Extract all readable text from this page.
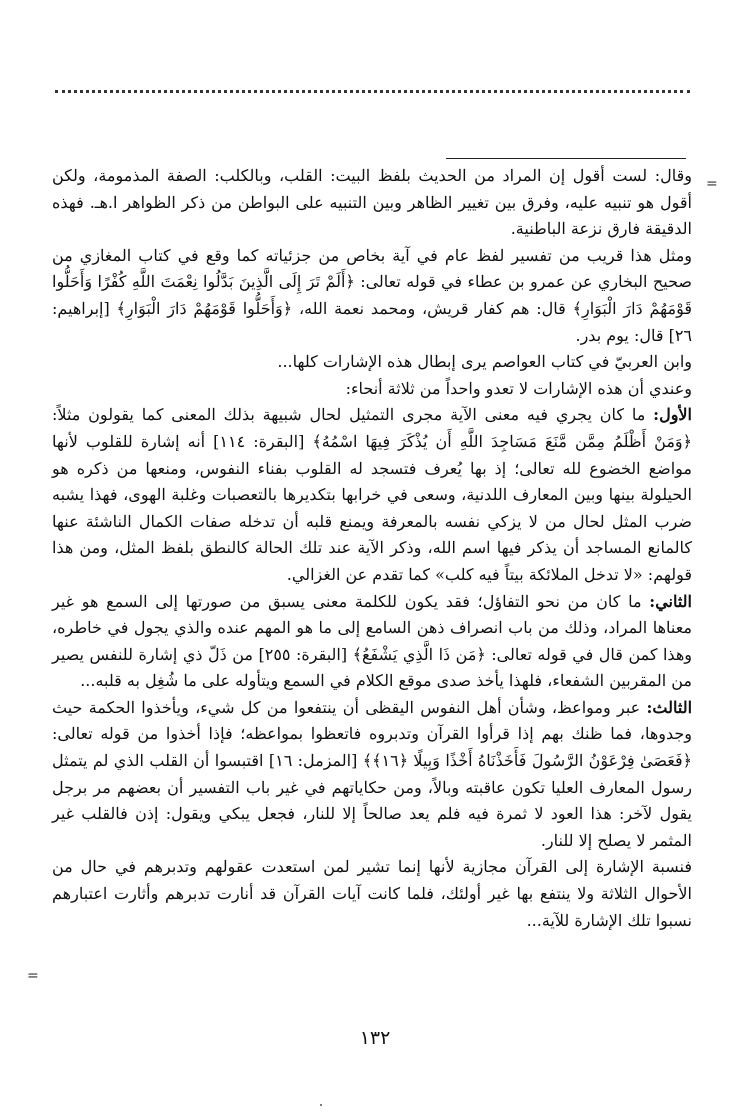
=
=

وقال: لست أقول إن المراد من الحديث بلفظ البيت: القلب، وبالكلب: الصفة المذمومة، ولكن أقول هو تنبيه عليه، وفرق بين تغيير الظاهر وبين التنبيه على البواطن من ذكر الظواهر ا.هـ. فهذه الدقيقة فارق نزعة الباطنية.

ومثل هذا قريب من تفسير لفظ عام في آية بخاص من جزئياته كما وقع في كتاب المغازي من صحيح البخاري عن عمرو بن عطاء في قوله تعالى: ﴿أَلَمْ تَرَ إِلَى الَّذِينَ بَدَّلُوا نِعْمَتَ اللَّهِ كُفْرًا وَأَحَلُّوا قَوْمَهُمْ دَارَ الْبَوَارِ﴾ قال: هم كفار قريش، ومحمد نعمة الله، ﴿وَأَحَلُّوا قَوْمَهُمْ دَارَ الْبَوَارِ﴾ [إبراهيم: ٢٦] قال: يوم بدر.

وابن العربيّ في كتاب العواصم يرى إبطال هذه الإشارات كلها...

وعندي أن هذه الإشارات لا تعدو واحداً من ثلاثة أنحاء:

الأول: ما كان يجري فيه معنى الآية مجرى التمثيل لحال شبيهة بذلك المعنى كما يقولون مثلاً: ﴿وَمَنْ أَظْلَمُ مِمَّن مَّنَعَ مَسَاجِدَ اللَّهِ أَن يُذْكَرَ فِيهَا اسْمُهُ﴾ [البقرة: ١١٤] أنه إشارة للقلوب لأنها مواضع الخضوع لله تعالى؛ إذ بها يُعرف فتسجد له القلوب بفناء النفوس، ومنعها من ذكره هو الحيلولة بينها وبين المعارف اللدنية، وسعى في خرابها بتكديرها بالتعصبات وغلبة الهوى، فهذا يشبه ضرب المثل لحال من لا يزكي نفسه بالمعرفة ويمنع قلبه أن تدخله صفات الكمال الناشئة عنها كالمانع المساجد أن يذكر فيها اسم الله، وذكر الآية عند تلك الحالة كالنطق بلفظ المثل، ومن هذا قولهم: «لا تدخل الملائكة بيتاً فيه كلب» كما تقدم عن الغزالي.

الثاني: ما كان من نحو التفاؤل؛ فقد يكون للكلمة معنى يسبق من صورتها إلى السمع هو غير معناها المراد، وذلك من باب انصراف ذهن السامع إلى ما هو المهم عنده والذي يجول في خاطره، وهذا كمن قال في قوله تعالى: ﴿مَن ذَا الَّذِي يَشْفَعُ﴾ [البقرة: ٢٥٥] من ذَلّ ذي إشارة للنفس يصير من المقربين الشفعاء، فلهذا يأخذ صدى موقع الكلام في السمع ويتأوله على ما شُغِل به قلبه...

الثالث: عبر ومواعظ، وشأن أهل النفوس اليقظى أن ينتفعوا من كل شيء، ويأخذوا الحكمة حيث وجدوها، فما ظنك بهم إذا قرأوا القرآن وتدبروه فاتعظوا بمواعظه؛ فإذا أخذوا من قوله تعالى: ﴿فَعَصَىٰ فِرْعَوْنُ الرَّسُولَ فَأَخَذْنَاهُ أَخْذًا وَبِيلًا ﴿١٦﴾﴾ [المزمل: ١٦] اقتبسوا أن القلب الذي لم يتمثل رسول المعارف العليا تكون عاقبته وبالاً، ومن حكاياتهم في غير باب التفسير أن بعضهم مر برجل يقول لآخر: هذا العود لا ثمرة فيه فلم يعد صالحاً إلا للنار، فجعل يبكي ويقول: إذن فالقلب غير المثمر لا يصلح إلا للنار.

فنسبة الإشارة إلى القرآن مجازية لأنها إنما تشير لمن استعدت عقولهم وتدبرهم في حال من الأحوال الثلاثة ولا ينتفع بها غير أولئك، فلما كانت آيات القرآن قد أنارت تدبرهم وأثارت اعتبارهم نسبوا تلك الإشارة للآية...

١٣٢
